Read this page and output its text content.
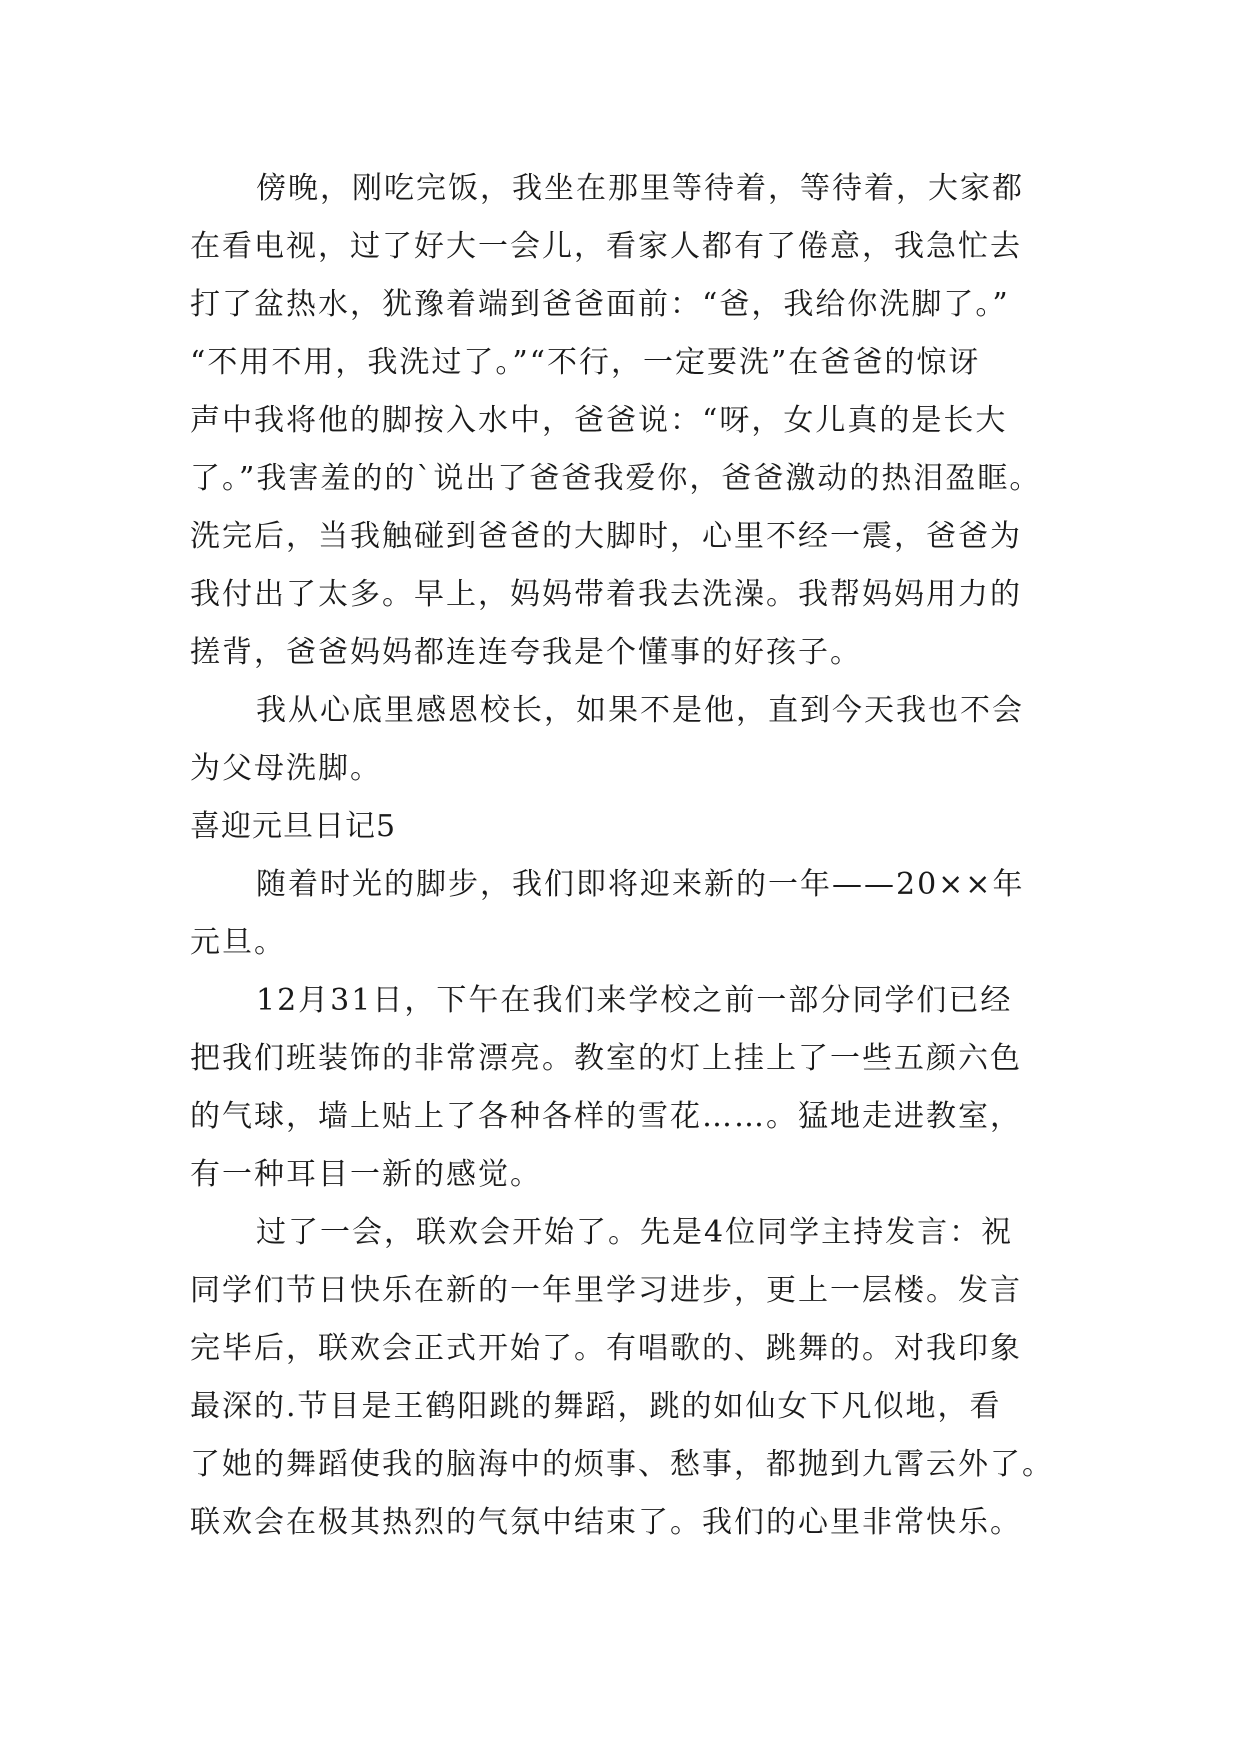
傍晚，刚吃完饭，我坐在那里等待着，等待着，大家都
在看电视，过了好大一会儿，看家人都有了倦意，我急忙去
打了盆热水，犹豫着端到爸爸面前：“爸，我给你洗脚了。”
“不用不用，我洗过了。”“不行，一定要洗”在爸爸的惊讶
声中我将他的脚按入水中，爸爸说：“呀，女儿真的是长大
了。”我害羞的的`说出了爸爸我爱你，爸爸激动的热泪盈眶。
洗完后，当我触碰到爸爸的大脚时，心里不经一震，爸爸为
我付出了太多。早上，妈妈带着我去洗澡。我帮妈妈用力的
搓背，爸爸妈妈都连连夸我是个懂事的好孩子。
我从心底里感恩校长，如果不是他，直到今天我也不会
为父母洗脚。
喜迎元旦日记5
随着时光的脚步，我们即将迎来新的一年——20××年
元旦。
12月31日，下午在我们来学校之前一部分同学们已经
把我们班装饰的非常漂亮。教室的灯上挂上了一些五颜六色
的气球，墙上贴上了各种各样的雪花……。猛地走进教室，
有一种耳目一新的感觉。
过了一会，联欢会开始了。先是4位同学主持发言：祝
同学们节日快乐在新的一年里学习进步，更上一层楼。发言
完毕后，联欢会正式开始了。有唱歌的、跳舞的。对我印象
最深的.节目是王鹤阳跳的舞蹈，跳的如仙女下凡似地，看
了她的舞蹈使我的脑海中的烦事、愁事，都抛到九霄云外了。
联欢会在极其热烈的气氛中结束了。我们的心里非常快乐。
